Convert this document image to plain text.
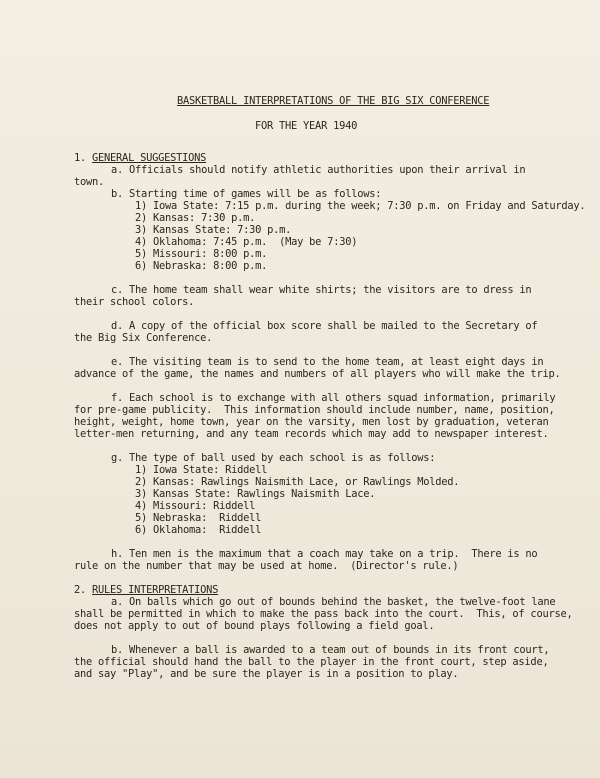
BASKETBALL INTERPRETATIONS OF THE BIG SIX CONFERENCE
FOR THE YEAR 1940
1. GENERAL SUGGESTIONS
a. Officials should notify athletic authorities upon their arrival in
town.
b. Starting time of games will be as follows:
1) Iowa State: 7:15 p.m. during the week; 7:30 p.m. on Friday and Saturday.
2) Kansas: 7:30 p.m.
3) Kansas State: 7:30 p.m.
4) Oklahoma: 7:45 p.m.  (May be 7:30)
5) Missouri: 8:00 p.m.
6) Nebraska: 8:00 p.m.
c. The home team shall wear white shirts; the visitors are to dress in
their school colors.
d. A copy of the official box score shall be mailed to the Secretary of
the Big Six Conference.
e. The visiting team is to send to the home team, at least eight days in
advance of the game, the names and numbers of all players who will make the trip.
f. Each school is to exchange with all others squad information, primarily
for pre-game publicity.  This information should include number, name, position,
height, weight, home town, year on the varsity, men lost by graduation, veteran
letter-men returning, and any team records which may add to newspaper interest.
g. The type of ball used by each school is as follows:
1) Iowa State: Riddell
2) Kansas: Rawlings Naismith Lace, or Rawlings Molded.
3) Kansas State: Rawlings Naismith Lace.
4) Missouri: Riddell
5) Nebraska:  Riddell
6) Oklahoma:  Riddell
h. Ten men is the maximum that a coach may take on a trip.  There is no
rule on the number that may be used at home.  (Director's rule.)
2. RULES INTERPRETATIONS
a. On balls which go out of bounds behind the basket, the twelve-foot lane
shall be permitted in which to make the pass back into the court.  This, of course,
does not apply to out of bound plays following a field goal.
b. Whenever a ball is awarded to a team out of bounds in its front court,
the official should hand the ball to the player in the front court, step aside,
and say "Play", and be sure the player is in a position to play.
